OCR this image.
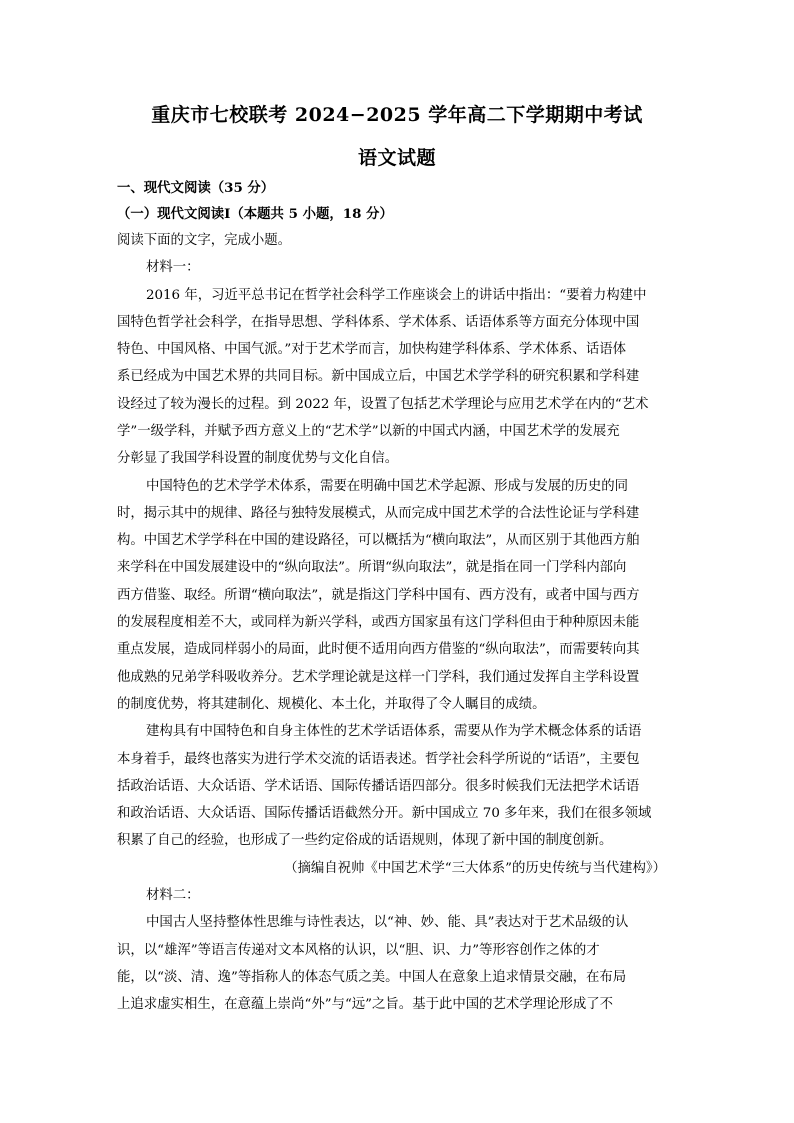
重庆市七校联考 2024−2025 学年高二下学期期中考试
语文试题
一、现代文阅读（35 分）
（一）现代文阅读Ⅰ（本题共 5 小题，18 分）
阅读下面的文字，完成小题。
材料一：
2016 年，习近平总书记在哲学社会科学工作座谈会上的讲话中指出：“要着力构建中
国特色哲学社会科学，在指导思想、学科体系、学术体系、话语体系等方面充分体现中国
特色、中国风格、中国气派。”对于艺术学而言，加快构建学科体系、学术体系、话语体
系已经成为中国艺术界的共同目标。新中国成立后，中国艺术学学科的研究积累和学科建
设经过了较为漫长的过程。到 2022 年，设置了包括艺术学理论与应用艺术学在内的“艺术
学”一级学科，并赋予西方意义上的“艺术学”以新的中国式内涵，中国艺术学的发展充
分彰显了我国学科设置的制度优势与文化自信。
中国特色的艺术学学术体系，需要在明确中国艺术学起源、形成与发展的历史的同
时，揭示其中的规律、路径与独特发展模式，从而完成中国艺术学的合法性论证与学科建
构。中国艺术学学科在中国的建设路径，可以概括为“横向取法”，从而区别于其他西方舶
来学科在中国发展建设中的“纵向取法”。所谓“纵向取法”，就是指在同一门学科内部向
西方借鉴、取经。所谓“横向取法”，就是指这门学科中国有、西方没有，或者中国与西方
的发展程度相差不大，或同样为新兴学科，或西方国家虽有这门学科但由于种种原因未能
重点发展，造成同样弱小的局面，此时便不适用向西方借鉴的“纵向取法”，而需要转向其
他成熟的兄弟学科吸收养分。艺术学理论就是这样一门学科，我们通过发挥自主学科设置
的制度优势，将其建制化、规模化、本土化，并取得了令人瞩目的成绩。
建构具有中国特色和自身主体性的艺术学话语体系，需要从作为学术概念体系的话语
本身着手，最终也落实为进行学术交流的话语表述。哲学社会科学所说的“话语”，主要包
括政治话语、大众话语、学术话语、国际传播话语四部分。很多时候我们无法把学术话语
和政治话语、大众话语、国际传播话语截然分开。新中国成立 70 多年来，我们在很多领域
积累了自己的经验，也形成了一些约定俗成的话语规则，体现了新中国的制度创新。
（摘编自祝帅《中国艺术学“三大体系”的历史传统与当代建构》）
材料二：
中国古人坚持整体性思维与诗性表达，以“神、妙、能、具”表达对于艺术品级的认
识，以“雄浑”等语言传递对文本风格的认识，以“胆、识、力”等形容创作之体的才
能，以“淡、清、逸”等指称人的体态气质之美。中国人在意象上追求情景交融，在布局
上追求虚实相生，在意蕴上崇尚“外”与“远”之旨。基于此中国的艺术学理论形成了不
